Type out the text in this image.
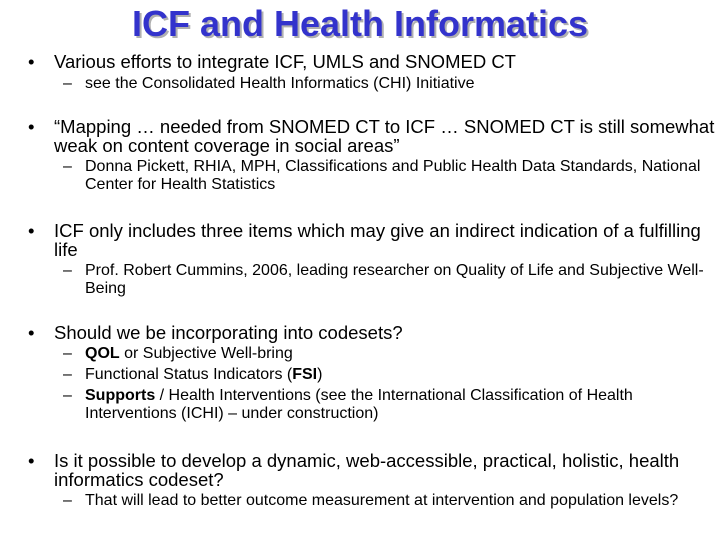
ICF and Health Informatics
• Various efforts to integrate ICF, UMLS and SNOMED CT
– see the Consolidated Health Informatics (CHI) Initiative
• “Mapping … needed from SNOMED CT to ICF … SNOMED CT is still somewhat weak on content coverage in social areas”
– Donna Pickett, RHIA, MPH, Classifications and Public Health Data Standards, National Center for Health Statistics
• ICF only includes three items which may give an indirect indication of a fulfilling life
– Prof. Robert Cummins, 2006, leading researcher on Quality of Life and Subjective Well-Being
• Should we be incorporating into codesets?
– QOL or Subjective Well-bring
– Functional Status Indicators (FSI)
– Supports / Health Interventions (see the International Classification of Health Interventions (ICHI) – under construction)
• Is it possible to develop a dynamic, web-accessible, practical, holistic, health informatics codeset?
– That will lead to better outcome measurement at intervention and population levels?
